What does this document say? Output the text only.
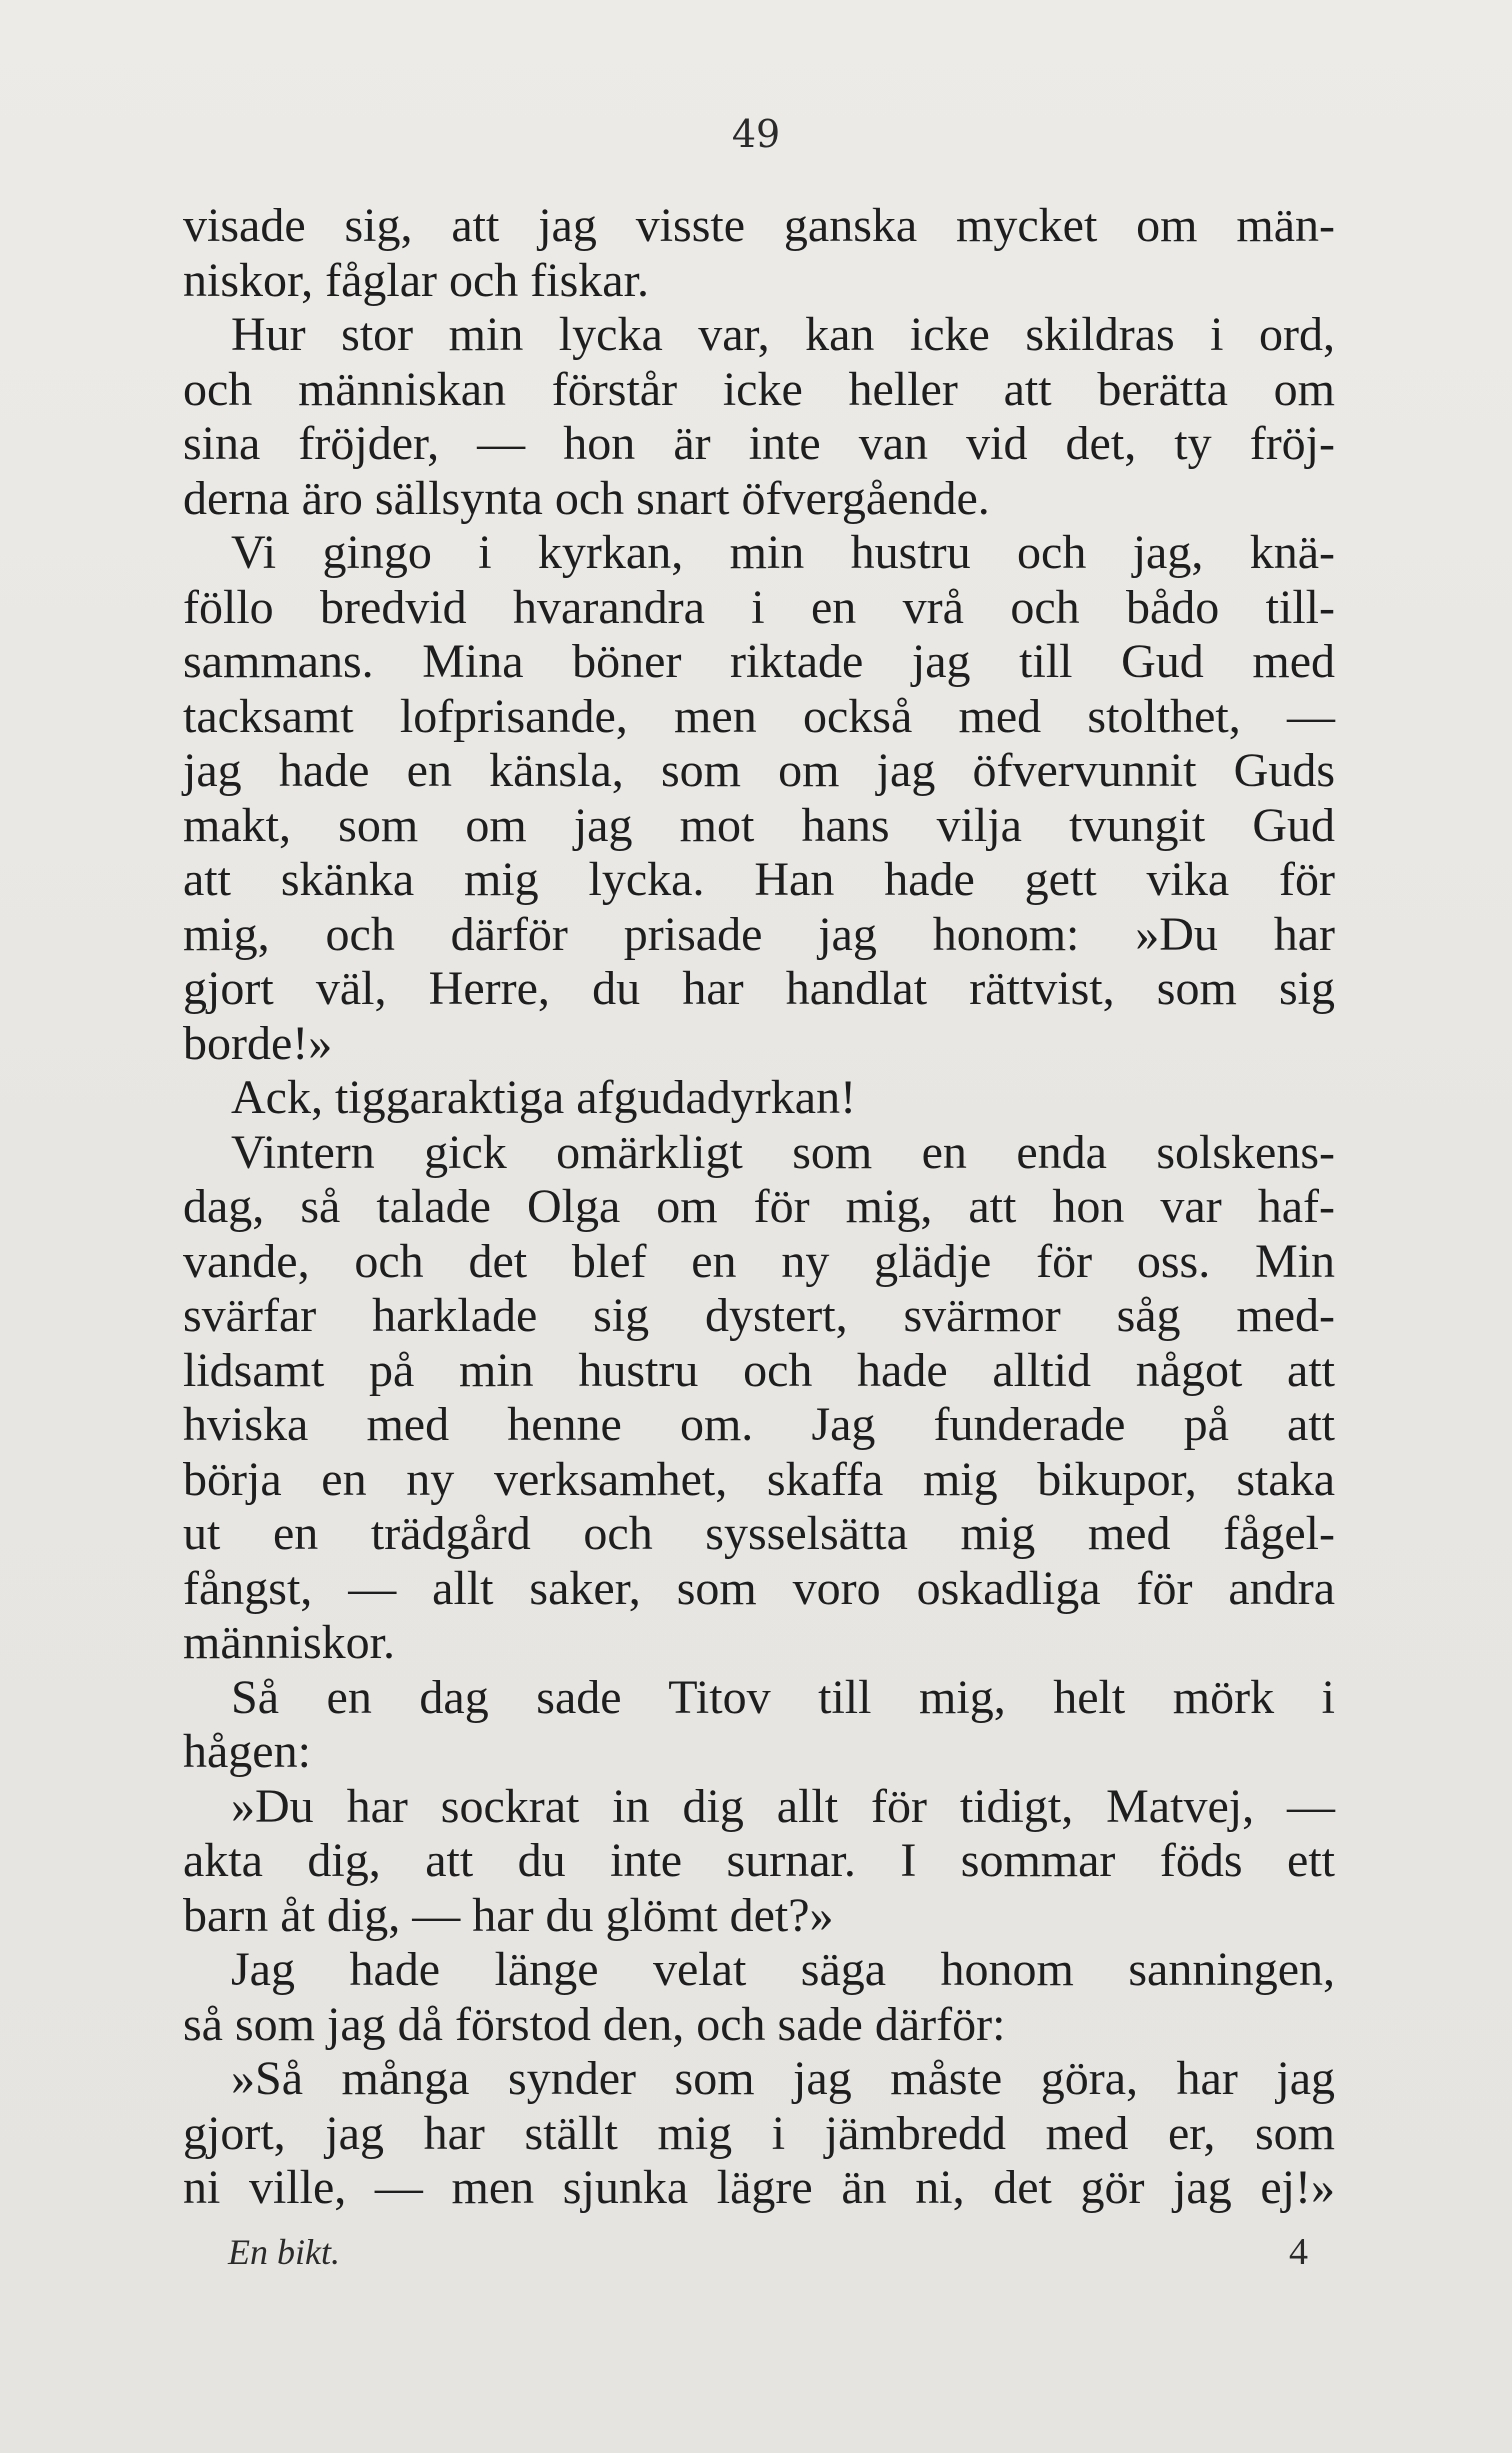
49
visade sig, att jag visste ganska mycket om män-
niskor, fåglar och fiskar.
Hur stor min lycka var, kan icke skildras i ord,
och människan förstår icke heller att berätta om
sina fröjder, — hon är inte van vid det, ty fröj-
derna äro sällsynta och snart öfvergående.
Vi gingo i kyrkan, min hustru och jag, knä-
föllo bredvid hvarandra i en vrå och bådo till-
sammans. Mina böner riktade jag till Gud med
tacksamt lofprisande, men också med stolthet, —
jag hade en känsla, som om jag öfvervunnit Guds
makt, som om jag mot hans vilja tvungit Gud
att skänka mig lycka. Han hade gett vika för
mig, och därför prisade jag honom: »Du har
gjort väl, Herre, du har handlat rättvist, som sig
borde!»
Ack, tiggaraktiga afgudadyrkan!
Vintern gick omärkligt som en enda solskens-
dag, så talade Olga om för mig, att hon var haf-
vande, och det blef en ny glädje för oss. Min
svärfar harklade sig dystert, svärmor såg med-
lidsamt på min hustru och hade alltid något att
hviska med henne om. Jag funderade på att
börja en ny verksamhet, skaffa mig bikupor, staka
ut en trädgård och sysselsätta mig med fågel-
fångst, — allt saker, som voro oskadliga för andra
människor.
Så en dag sade Titov till mig, helt mörk i
hågen:
»Du har sockrat in dig allt för tidigt, Matvej, —
akta dig, att du inte surnar. I sommar föds ett
barn åt dig, — har du glömt det?»
Jag hade länge velat säga honom sanningen,
så som jag då förstod den, och sade därför:
»Så många synder som jag måste göra, har jag
gjort, jag har ställt mig i jämbredd med er, som
ni ville, — men sjunka lägre än ni, det gör jag ej!»
En bikt.	4
